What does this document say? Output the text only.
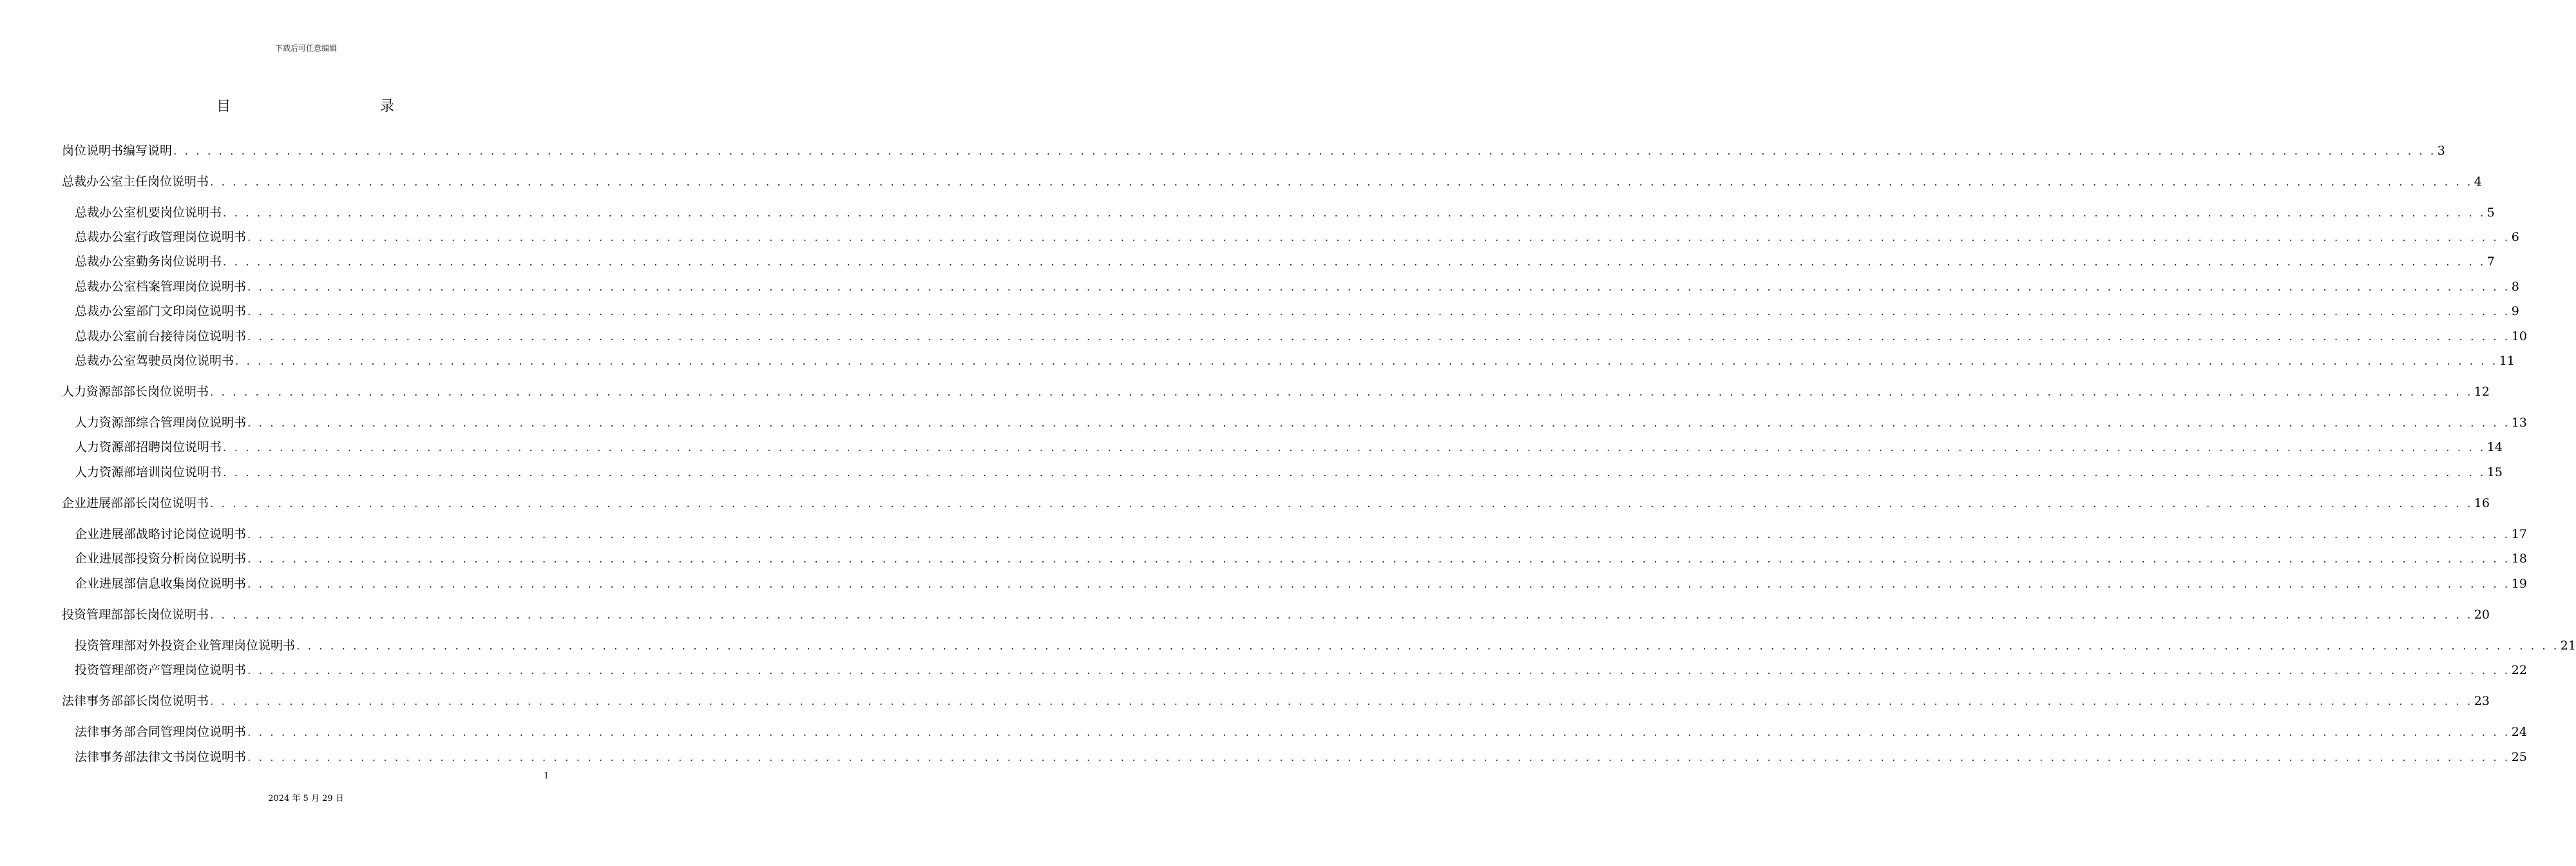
下载后可任意编辑
目	录
岗位说明书编写说明 . . . . . . . . . . . . . . . . . . . . . . . . . . . . . . . . . . . . . . . . . . . . . . . . . . . . . . . . . . . . . . . . . . . . . . . . . . . . . . . . . . . . . . . . . . . . . . . . . . . . . . . . . . . . . . . . . . . . . . . . . . . . . . . . . . . . . . . . . . . . . . . . . . . . . . . . . . . . . . . . . . . . . . . . . . . . . . . . . . . . . . . . . . . . . . . . . . . . . . . . 3
总裁办公室主任岗位说明书 . . . . . . . . . . . . . . . . . . . . . . . . . . . . . . . . . . . . . . . . . . . . . . . . . . . . . . . . . . . . . . . . . . . . . . . . . . . . . . . . . . . . . . . . . . . . . . . . . . . . . . . . . . . . . . . . . . . . . . . . . . . . . . . . . . . . . . . . . . . . . . . . . . . . . . . . . . . . . . . . . . . . . . . . . . . . . . . . . . . . . . . . . . . . . . . . . . . . . . . . 4
总裁办公室机要岗位说明书 . . . . . . . . . . . . . . . . . . . . . . . . . . . . . . . . . . . . . . . . . . . . . . . . . . . . . . . . . . . . . . . . . . . . . . . . . . . . . . . . . . . . . . . . . . . . . . . . . . . . . . . . . . . . . . . . . . . . . . . . . . . . . . . . . . . . . . . . . . . . . . . . . . . . . . . . . . . . . . . . . . . . . . . . . . . . . . . . . . . . . . . . . . . . . . . . . . . . . . . . 5
总裁办公室行政管理岗位说明书 . . . . . . . . . . . . . . . . . . . . . . . . . . . . . . . . . . . . . . . . . . . . . . . . . . . . . . . . . . . . . . . . . . . . . . . . . . . . . . . . . . . . . . . . . . . . . . . . . . . . . . . . . . . . . . . . . . . . . . . . . . . . . . . . . . . . . . . . . . . . . . . . . . . . . . . . . . . . . . . . . . . . . . . . . . . . . . . . . . . . . . . . . . . . . . . . . . . . . . . . 6
总裁办公室勤务岗位说明书 . . . . . . . . . . . . . . . . . . . . . . . . . . . . . . . . . . . . . . . . . . . . . . . . . . . . . . . . . . . . . . . . . . . . . . . . . . . . . . . . . . . . . . . . . . . . . . . . . . . . . . . . . . . . . . . . . . . . . . . . . . . . . . . . . . . . . . . . . . . . . . . . . . . . . . . . . . . . . . . . . . . . . . . . . . . . . . . . . . . . . . . . . . . . . . . . . . . . . . . . 7
总裁办公室档案管理岗位说明书 . . . . . . . . . . . . . . . . . . . . . . . . . . . . . . . . . . . . . . . . . . . . . . . . . . . . . . . . . . . . . . . . . . . . . . . . . . . . . . . . . . . . . . . . . . . . . . . . . . . . . . . . . . . . . . . . . . . . . . . . . . . . . . . . . . . . . . . . . . . . . . . . . . . . . . . . . . . . . . . . . . . . . . . . . . . . . . . . . . . . . . . . . . . . . . . . . . . . . . . . 8
总裁办公室部门文印岗位说明书 . . . . . . . . . . . . . . . . . . . . . . . . . . . . . . . . . . . . . . . . . . . . . . . . . . . . . . . . . . . . . . . . . . . . . . . . . . . . . . . . . . . . . . . . . . . . . . . . . . . . . . . . . . . . . . . . . . . . . . . . . . . . . . . . . . . . . . . . . . . . . . . . . . . . . . . . . . . . . . . . . . . . . . . . . . . . . . . . . . . . . . . . . . . . . . . . . . . . . . . . 9
总裁办公室前台接待岗位说明书 . . . . . . . . . . . . . . . . . . . . . . . . . . . . . . . . . . . . . . . . . . . . . . . . . . . . . . . . . . . . . . . . . . . . . . . . . . . . . . . . . . . . . . . . . . . . . . . . . . . . . . . . . . . . . . . . . . . . . . . . . . . . . . . . . . . . . . . . . . . . . . . . . . . . . . . . . . . . . . . . . . . . . . . . . . . . . . . . . . . . . . . . . . . . . . . . . . . . . . . . 10
总裁办公室驾驶员岗位说明书 . . . . . . . . . . . . . . . . . . . . . . . . . . . . . . . . . . . . . . . . . . . . . . . . . . . . . . . . . . . . . . . . . . . . . . . . . . . . . . . . . . . . . . . . . . . . . . . . . . . . . . . . . . . . . . . . . . . . . . . . . . . . . . . . . . . . . . . . . . . . . . . . . . . . . . . . . . . . . . . . . . . . . . . . . . . . . . . . . . . . . . . . . . . . . . . . . . . . . . . . 11
人力资源部部长岗位说明书 . . . . . . . . . . . . . . . . . . . . . . . . . . . . . . . . . . . . . . . . . . . . . . . . . . . . . . . . . . . . . . . . . . . . . . . . . . . . . . . . . . . . . . . . . . . . . . . . . . . . . . . . . . . . . . . . . . . . . . . . . . . . . . . . . . . . . . . . . . . . . . . . . . . . . . . . . . . . . . . . . . . . . . . . . . . . . . . . . . . . . . . . . . . . . . . . . . . . . . . . 12
人力资源部综合管理岗位说明书 . . . . . . . . . . . . . . . . . . . . . . . . . . . . . . . . . . . . . . . . . . . . . . . . . . . . . . . . . . . . . . . . . . . . . . . . . . . . . . . . . . . . . . . . . . . . . . . . . . . . . . . . . . . . . . . . . . . . . . . . . . . . . . . . . . . . . . . . . . . . . . . . . . . . . . . . . . . . . . . . . . . . . . . . . . . . . . . . . . . . . . . . . . . . . . . . . . . . . . . . 13
人力资源部招聘岗位说明书 . . . . . . . . . . . . . . . . . . . . . . . . . . . . . . . . . . . . . . . . . . . . . . . . . . . . . . . . . . . . . . . . . . . . . . . . . . . . . . . . . . . . . . . . . . . . . . . . . . . . . . . . . . . . . . . . . . . . . . . . . . . . . . . . . . . . . . . . . . . . . . . . . . . . . . . . . . . . . . . . . . . . . . . . . . . . . . . . . . . . . . . . . . . . . . . . . . . . . . . . 14
人力资源部培训岗位说明书 . . . . . . . . . . . . . . . . . . . . . . . . . . . . . . . . . . . . . . . . . . . . . . . . . . . . . . . . . . . . . . . . . . . . . . . . . . . . . . . . . . . . . . . . . . . . . . . . . . . . . . . . . . . . . . . . . . . . . . . . . . . . . . . . . . . . . . . . . . . . . . . . . . . . . . . . . . . . . . . . . . . . . . . . . . . . . . . . . . . . . . . . . . . . . . . . . . . . . . . . 15
企业进展部部长岗位说明书 . . . . . . . . . . . . . . . . . . . . . . . . . . . . . . . . . . . . . . . . . . . . . . . . . . . . . . . . . . . . . . . . . . . . . . . . . . . . . . . . . . . . . . . . . . . . . . . . . . . . . . . . . . . . . . . . . . . . . . . . . . . . . . . . . . . . . . . . . . . . . . . . . . . . . . . . . . . . . . . . . . . . . . . . . . . . . . . . . . . . . . . . . . . . . . . . . . . . . . . . 16
企业进展部战略讨论岗位说明书 . . . . . . . . . . . . . . . . . . . . . . . . . . . . . . . . . . . . . . . . . . . . . . . . . . . . . . . . . . . . . . . . . . . . . . . . . . . . . . . . . . . . . . . . . . . . . . . . . . . . . . . . . . . . . . . . . . . . . . . . . . . . . . . . . . . . . . . . . . . . . . . . . . . . . . . . . . . . . . . . . . . . . . . . . . . . . . . . . . . . . . . . . . . . . . . . . . . . . . . . 17
企业进展部投资分析岗位说明书 . . . . . . . . . . . . . . . . . . . . . . . . . . . . . . . . . . . . . . . . . . . . . . . . . . . . . . . . . . . . . . . . . . . . . . . . . . . . . . . . . . . . . . . . . . . . . . . . . . . . . . . . . . . . . . . . . . . . . . . . . . . . . . . . . . . . . . . . . . . . . . . . . . . . . . . . . . . . . . . . . . . . . . . . . . . . . . . . . . . . . . . . . . . . . . . . . . . . . . . . 18
企业进展部信息收集岗位说明书 . . . . . . . . . . . . . . . . . . . . . . . . . . . . . . . . . . . . . . . . . . . . . . . . . . . . . . . . . . . . . . . . . . . . . . . . . . . . . . . . . . . . . . . . . . . . . . . . . . . . . . . . . . . . . . . . . . . . . . . . . . . . . . . . . . . . . . . . . . . . . . . . . . . . . . . . . . . . . . . . . . . . . . . . . . . . . . . . . . . . . . . . . . . . . . . . . . . . . . . . 19
投资管理部部长岗位说明书 . . . . . . . . . . . . . . . . . . . . . . . . . . . . . . . . . . . . . . . . . . . . . . . . . . . . . . . . . . . . . . . . . . . . . . . . . . . . . . . . . . . . . . . . . . . . . . . . . . . . . . . . . . . . . . . . . . . . . . . . . . . . . . . . . . . . . . . . . . . . . . . . . . . . . . . . . . . . . . . . . . . . . . . . . . . . . . . . . . . . . . . . . . . . . . . . . . . . . . . . 20
投资管理部对外投资企业管理岗位说明书 . . . . . . . . . . . . . . . . . . . . . . . . . . . . . . . . . . . . . . . . . . . . . . . . . . . . . . . . . . . . . . . . . . . . . . . . . . . . . . . . . . . . . . . . . . . . . . . . . . . . . . . . . . . . . . . . . . . . . . . . . . . . . . . . . . . . . . . . . . . . . . . . . . . . . . . . . . . . . . . . . . . . . . . . . . . . . . . . . . . . . . . . . . . . . . . . . . . . . . . . 21
投资管理部资产管理岗位说明书 . . . . . . . . . . . . . . . . . . . . . . . . . . . . . . . . . . . . . . . . . . . . . . . . . . . . . . . . . . . . . . . . . . . . . . . . . . . . . . . . . . . . . . . . . . . . . . . . . . . . . . . . . . . . . . . . . . . . . . . . . . . . . . . . . . . . . . . . . . . . . . . . . . . . . . . . . . . . . . . . . . . . . . . . . . . . . . . . . . . . . . . . . . . . . . . . . . . . . . . . 22
法律事务部部长岗位说明书 . . . . . . . . . . . . . . . . . . . . . . . . . . . . . . . . . . . . . . . . . . . . . . . . . . . . . . . . . . . . . . . . . . . . . . . . . . . . . . . . . . . . . . . . . . . . . . . . . . . . . . . . . . . . . . . . . . . . . . . . . . . . . . . . . . . . . . . . . . . . . . . . . . . . . . . . . . . . . . . . . . . . . . . . . . . . . . . . . . . . . . . . . . . . . . . . . . . . . . . . 23
法律事务部合同管理岗位说明书 . . . . . . . . . . . . . . . . . . . . . . . . . . . . . . . . . . . . . . . . . . . . . . . . . . . . . . . . . . . . . . . . . . . . . . . . . . . . . . . . . . . . . . . . . . . . . . . . . . . . . . . . . . . . . . . . . . . . . . . . . . . . . . . . . . . . . . . . . . . . . . . . . . . . . . . . . . . . . . . . . . . . . . . . . . . . . . . . . . . . . . . . . . . . . . . . . . . . . . . . 24
法律事务部法律文书岗位说明书 . . . . . . . . . . . . . . . . . . . . . . . . . . . . . . . . . . . . . . . . . . . . . . . . . . . . . . . . . . . . . . . . . . . . . . . . . . . . . . . . . . . . . . . . . . . . . . . . . . . . . . . . . . . . . . . . . . . . . . . . . . . . . . . . . . . . . . . . . . . . . . . . . . . . . . . . . . . . . . . . . . . . . . . . . . . . . . . . . . . . . . . . . . . . . . . . . . . . . . . . 25
1
2024 年 5 月 29 日
